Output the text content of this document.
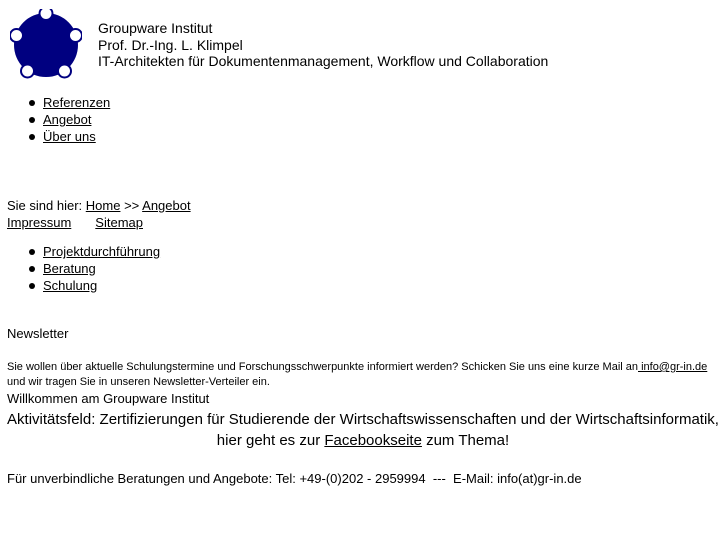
Groupware Institut
Prof. Dr.-Ing. L. Klimpel
IT-Architekten für Dokumentenmanagement, Workflow und Collaboration
Referenzen
Angebot
Über uns
Sie sind hier: Home >> Angebot
Impressum Sitemap
Projektdurchführung
Beratung
Schulung
Newsletter
Sie wollen über aktuelle Schulungstermine und Forschungsschwerpunkte informiert werden? Schicken Sie uns eine kurze Mail an info@gr-in.de und wir tragen Sie in unseren Newsletter-Verteiler ein.
Willkommen am Groupware Institut
Aktivitätsfeld: Zertifizierungen für Studierende der Wirtschaftswissenschaften und der Wirtschaftsinformatik,
hier geht es zur Facebookseite zum Thema!
Für unverbindliche Beratungen und Angebote: Tel: +49-(0)202 - 2959994  ---  E-Mail: info(at)gr-in.de
